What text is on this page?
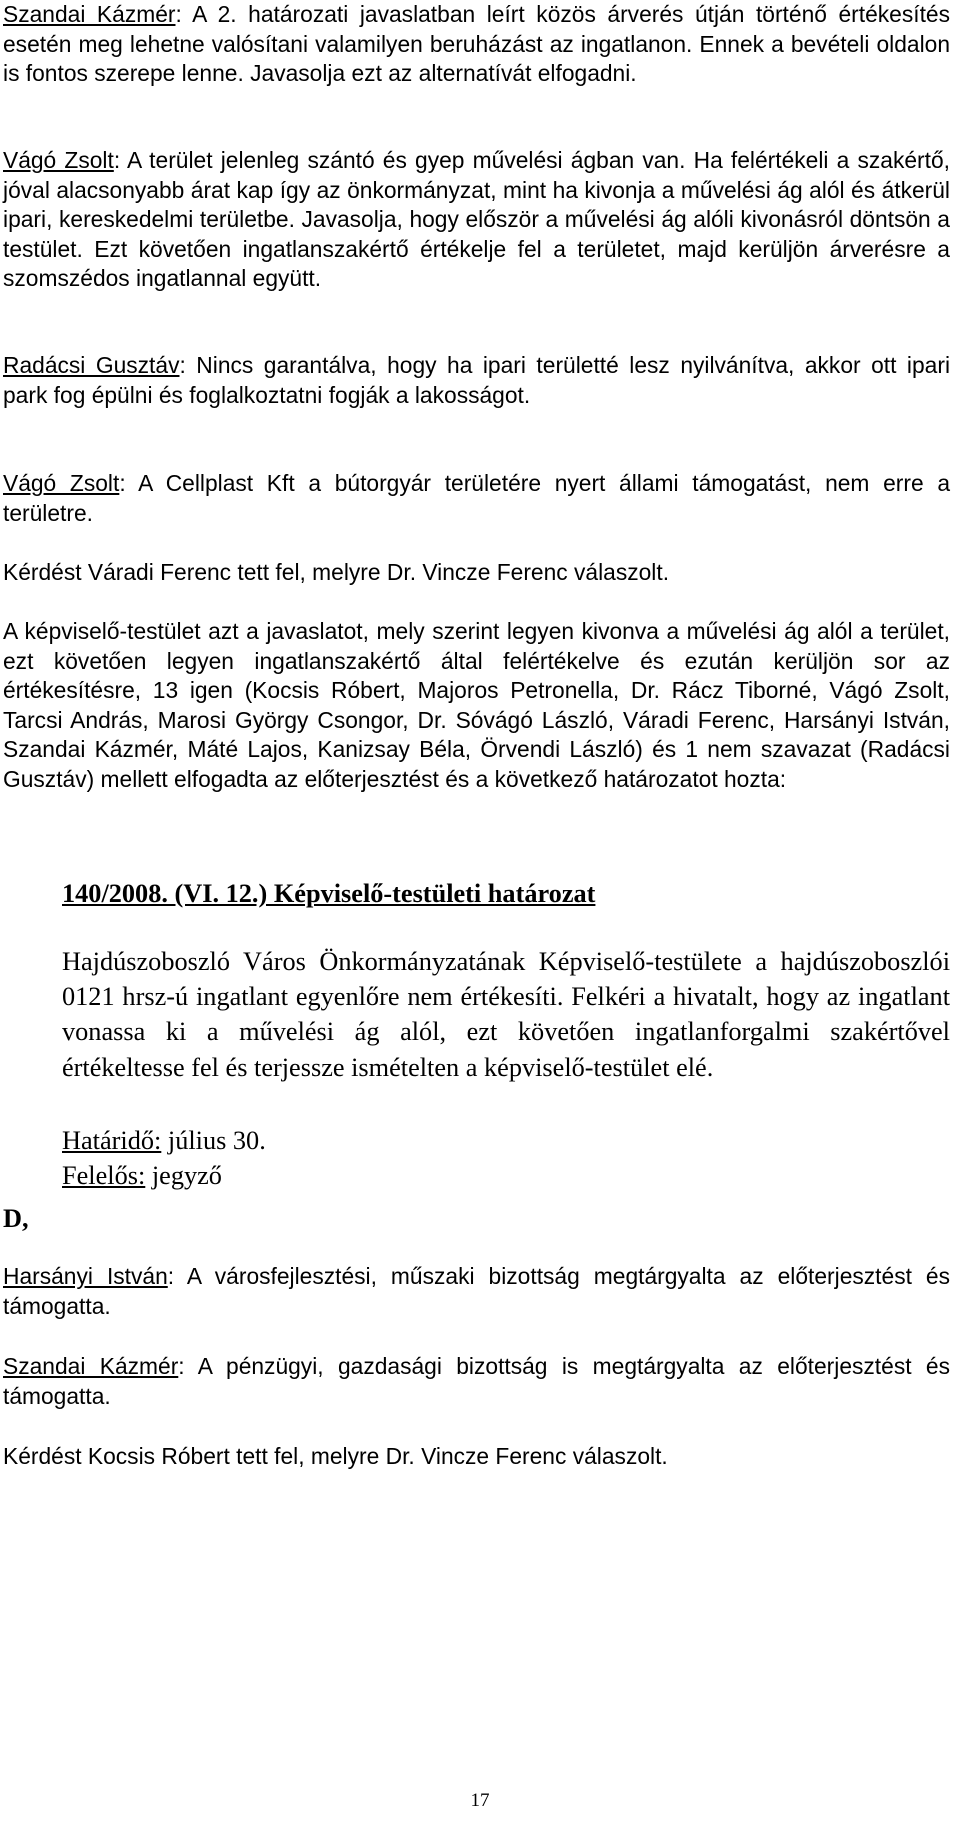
Szandai Kázmér: A 2. határozati javaslatban leírt közös árverés útján történő értékesítés esetén meg lehetne valósítani valamilyen beruházást az ingatlanon. Ennek a bevételi oldalon is fontos szerepe lenne. Javasolja ezt az alternatívát elfogadni.

Vágó Zsolt: A terület jelenleg szántó és gyep művelési ágban van. Ha felértékeli a szakértő, jóval alacsonyabb árat kap így az önkormányzat, mint ha kivonja a művelési ág alól és átkerül ipari, kereskedelmi területbe. Javasolja, hogy először a művelési ág alóli kivonásról döntsön a testület. Ezt követően ingatlanszakértő értékelje fel a területet, majd kerüljön árverésre a szomszédos ingatlannal együtt.

Radácsi Gusztáv: Nincs garantálva, hogy ha ipari területté lesz nyilvánítva, akkor ott ipari park fog épülni és foglalkoztatni fogják a lakosságot.

Vágó Zsolt: A Cellplast Kft a bútorgyár területére nyert állami támogatást, nem erre a területre.

Kérdést Váradi Ferenc tett fel, melyre Dr. Vincze Ferenc válaszolt.

A képviselő-testület azt a javaslatot, mely szerint legyen kivonva a művelési ág alól a terület, ezt követően legyen ingatlanszakértő által felértékelve és ezután kerüljön sor az értékesítésre, 13 igen (Kocsis Róbert, Majoros Petronella, Dr. Rácz Tiborné, Vágó Zsolt, Tarcsi András, Marosi György Csongor, Dr. Sóvágó László, Váradi Ferenc, Harsányi István, Szandai Kázmér, Máté Lajos, Kanizsay Béla, Örvendi László) és 1 nem szavazat (Radácsi Gusztáv) mellett elfogadta az előterjesztést és a következő határozatot hozta:

140/2008. (VI. 12.) Képviselő-testületi határozat

Hajdúszoboszló Város Önkormányzatának Képviselő-testülete a hajdúszoboszlói 0121 hrsz-ú ingatlant egyenlőre nem értékesíti. Felkéri a hivatalt, hogy az ingatlant vonassa ki a művelési ág alól, ezt követően ingatlanforgalmi szakértővel értékeltesse fel és terjessze ismételten a képviselő-testület elé.

Határidő: július 30.
Felelős: jegyző
D,

Harsányi István: A városfejlesztési, műszaki bizottság megtárgyalta az előterjesztést és támogatta.

Szandai Kázmér: A pénzügyi, gazdasági bizottság is megtárgyalta az előterjesztést és támogatta.

Kérdést Kocsis Róbert tett fel, melyre Dr. Vincze Ferenc válaszolt.

17
